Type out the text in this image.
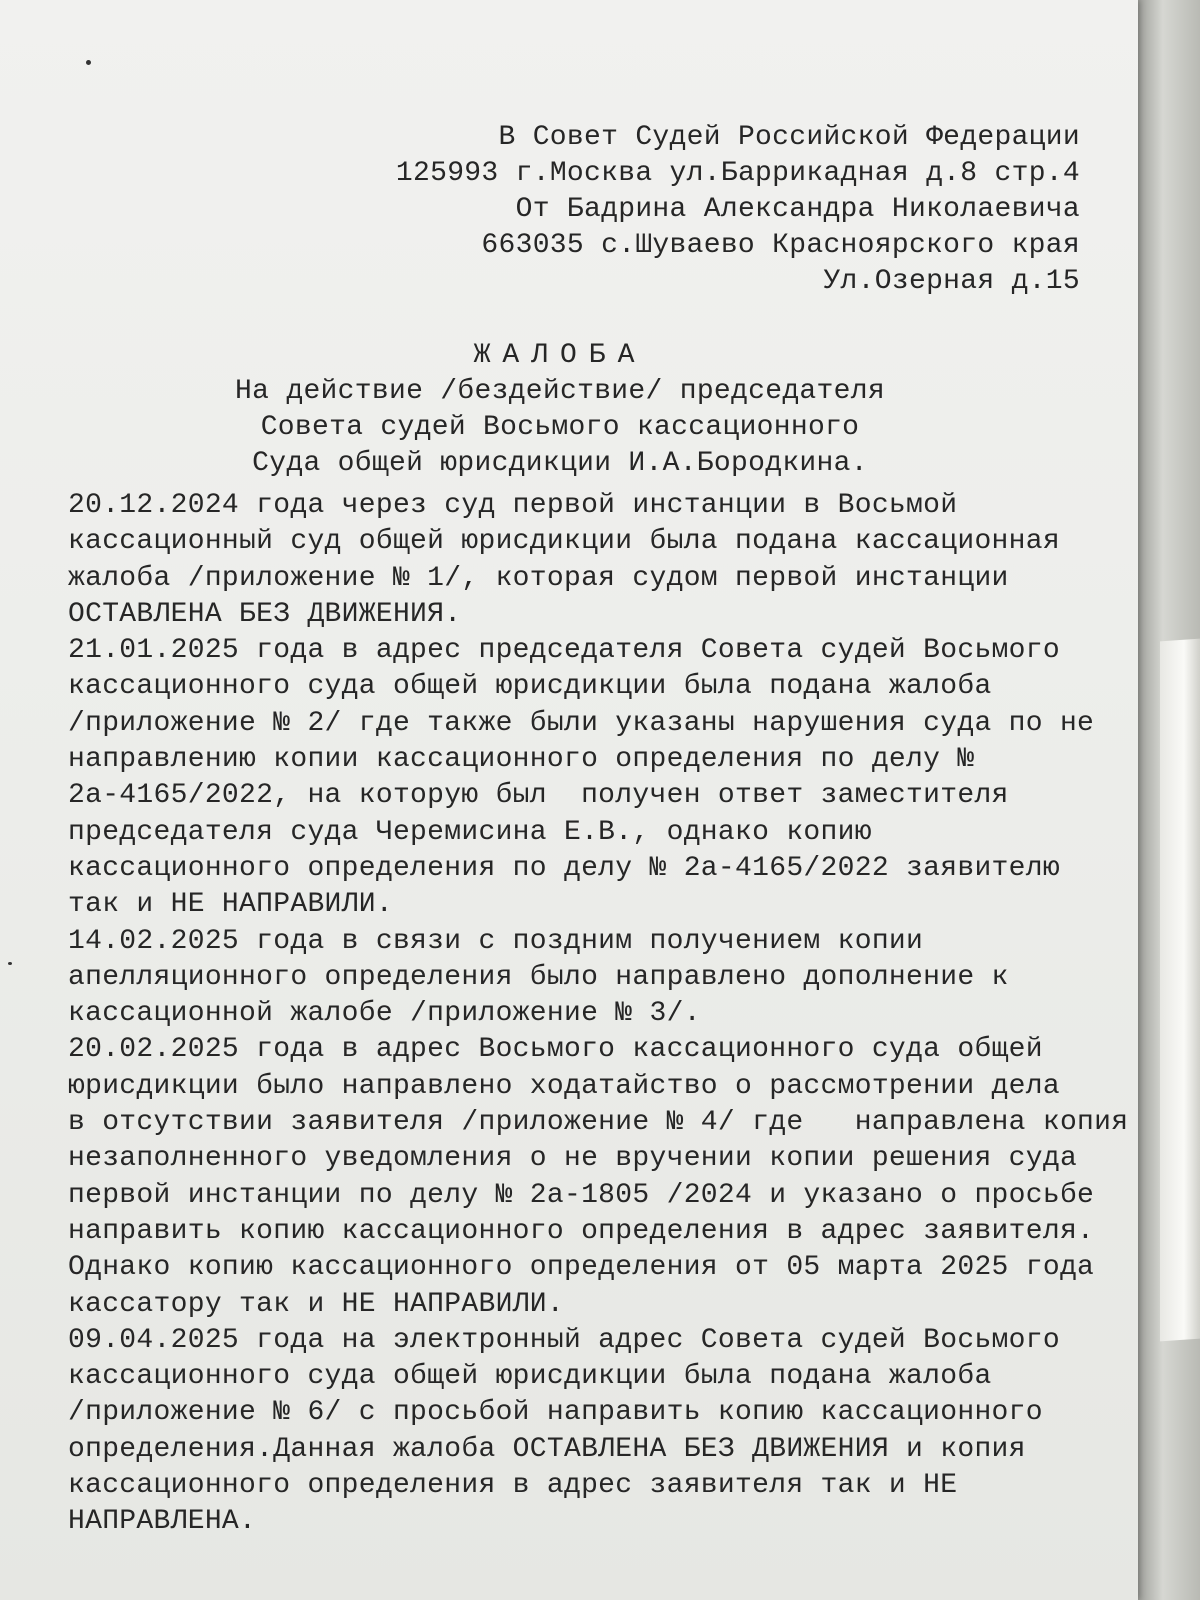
В Совет Судей Российской Федерации

125993 г.Москва ул.Баррикадная д.8 стр.4

От Бадрина Александра Николаевича

663035 с.Шуваево Красноярского края

Ул.Озерная д.15

ЖАЛОБА

На действие /бездействие/ председателя

Совета судей Восьмого кассационного

Суда общей юрисдикции И.А.Бородкина.

20.12.2024 года через суд первой инстанции в Восьмой

кассационный суд общей юрисдикции была подана кассационная

жалоба /приложение № 1/, которая судом первой инстанции

ОСТАВЛЕНА БЕЗ ДВИЖЕНИЯ.

21.01.2025 года в адрес председателя Совета судей Восьмого

кассационного суда общей юрисдикции была подана жалоба

/приложение № 2/ где также были указаны нарушения суда по не

направлению копии кассационного определения по делу №

2а-4165/2022, на которую был  получен ответ заместителя

председателя суда Черемисина Е.В., однако копию

кассационного определения по делу № 2а-4165/2022 заявителю

так и НЕ НАПРАВИЛИ.

14.02.2025 года в связи с поздним получением копии

апелляционного определения было направлено дополнение к

кассационной жалобе /приложение № 3/.

20.02.2025 года в адрес Восьмого кассационного суда общей

юрисдикции было направлено ходатайство о рассмотрении дела

в отсутствии заявителя /приложение № 4/ где   направлена копия

незаполненного уведомления о не вручении копии решения суда

первой инстанции по делу № 2а-1805 /2024 и указано о просьбе

направить копию кассационного определения в адрес заявителя.

Однако копию кассационного определения от 05 марта 2025 года

кассатору так и НЕ НАПРАВИЛИ.

09.04.2025 года на электронный адрес Совета судей Восьмого

кассационного суда общей юрисдикции была подана жалоба

/приложение № 6/ с просьбой направить копию кассационного

определения.Данная жалоба ОСТАВЛЕНА БЕЗ ДВИЖЕНИЯ и копия

кассационного определения в адрес заявителя так и НЕ

НАПРАВЛЕНА.
